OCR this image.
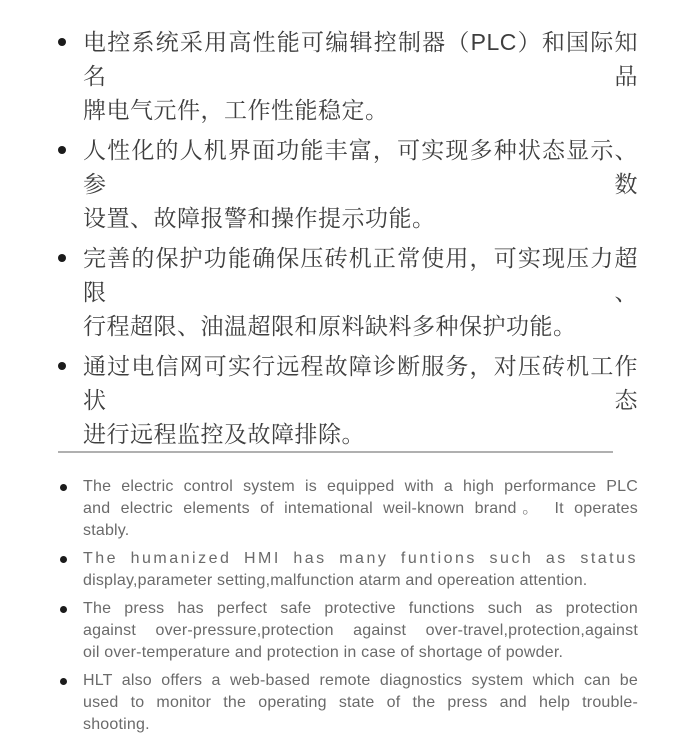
电控系统采用高性能可编辑控制器（PLC）和国际知名品
牌电气元件，工作性能稳定。
人性化的人机界面功能丰富，可实现多种状态显示、参数
设置、故障报警和操作提示功能。
完善的保护功能确保压砖机正常使用，可实现压力超限、
行程超限、油温超限和原料缺料多种保护功能。
通过电信网可实行远程故障诊断服务，对压砖机工作状态
进行远程监控及故障排除。
The electric control system is equipped with a high performance PLC
and electric elements of intemational weil-known brand。 It operates
stably.
The humanized HMI has many funtions such as status
display,parameter setting,malfunction atarm and opereation attention.
The press has perfect safe protective functions such as protection
against over-pressure,protection against over-travel,protection,against
oil over-temperature and protection in case of shortage of powder.
HLT also offers a web-based remote diagnostics system which can be
used to monitor the operating state of the press and help trouble-
shooting.
